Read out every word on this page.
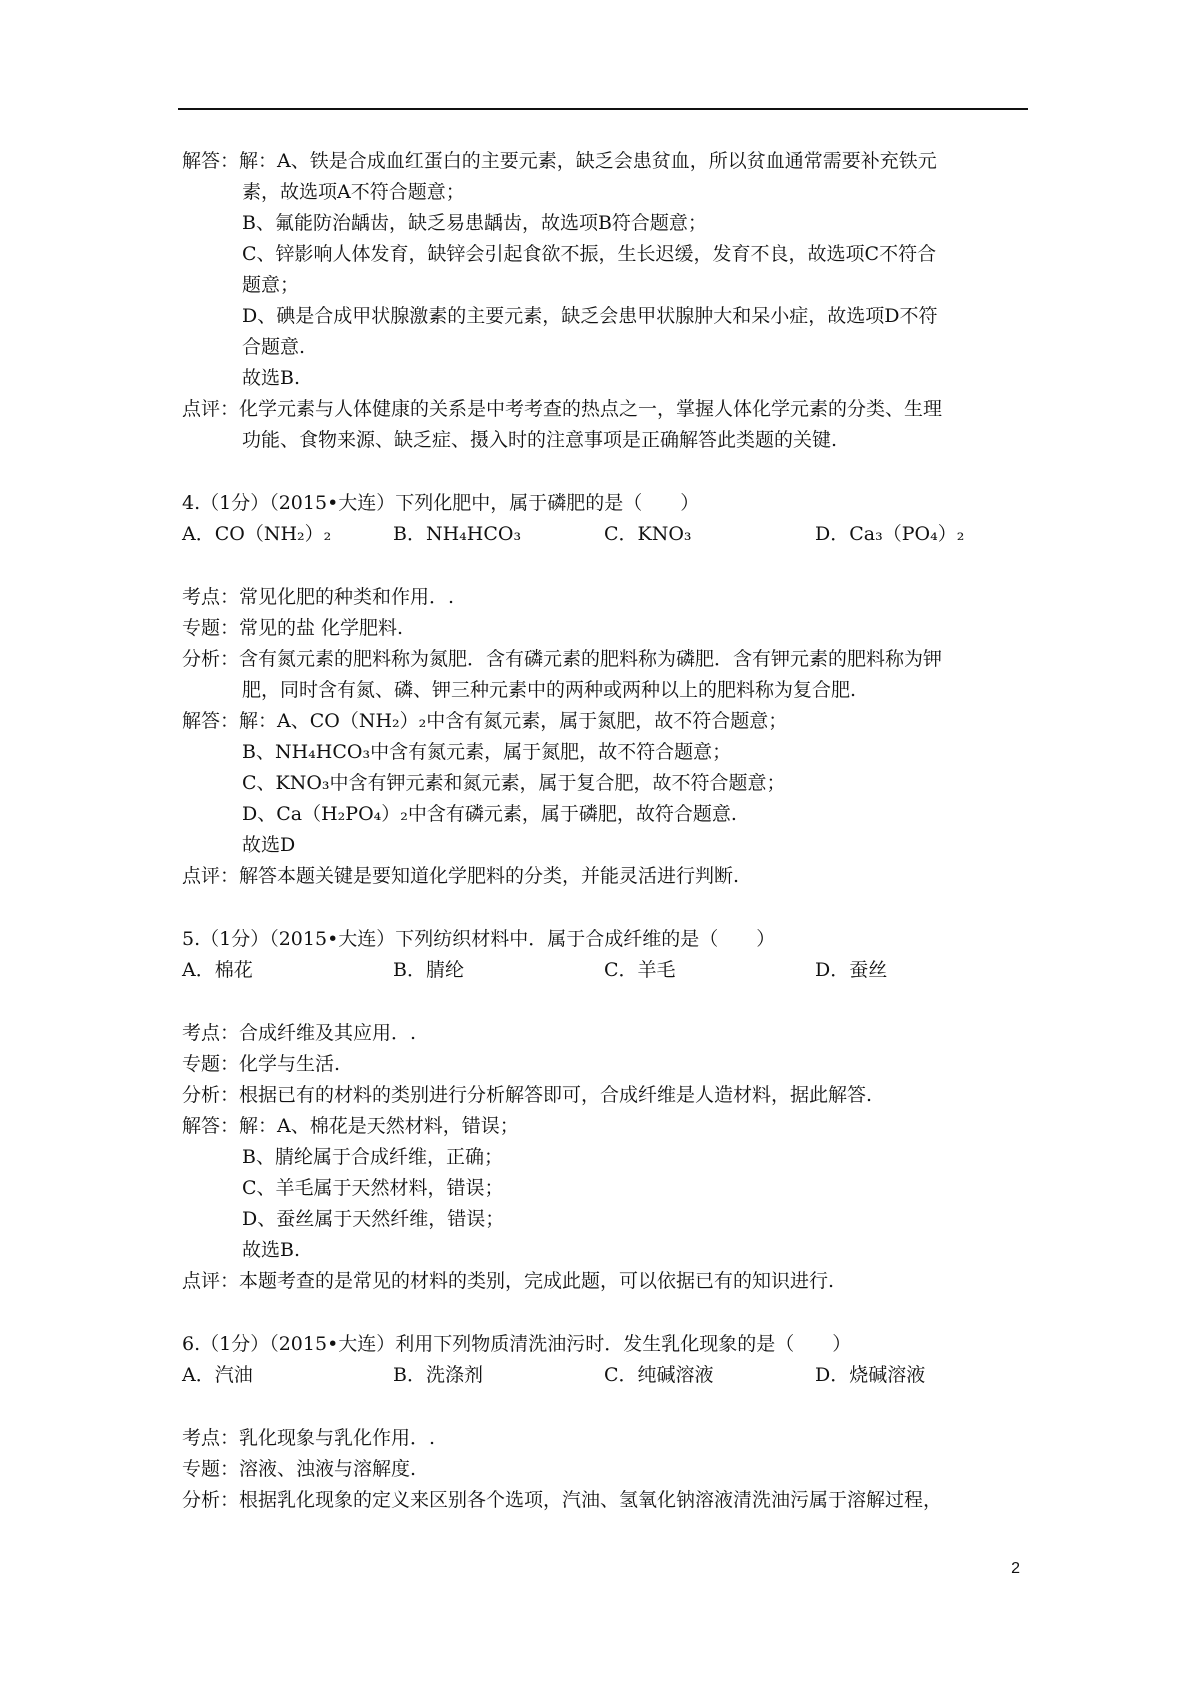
解答：解：A、铁是合成血红蛋白的主要元素，缺乏会患贫血，所以贫血通常需要补充铁元
素，故选项A不符合题意；
B、氟能防治龋齿，缺乏易患龋齿，故选项B符合题意；
C、锌影响人体发育，缺锌会引起食欲不振，生长迟缓，发育不良，故选项C不符合
题意；
D、碘是合成甲状腺激素的主要元素，缺乏会患甲状腺肿大和呆小症，故选项D不符
合题意.
故选B.
点评：化学元素与人体健康的关系是中考考查的热点之一，掌握人体化学元素的分类、生理
功能、食物来源、缺乏症、摄入时的注意事项是正确解答此类题的关键.
4.（1分）（2015•大连）下列化肥中，属于磷肥的是（　　）
A．CO（NH₂）₂	B．NH₄HCO₃	C．KNO₃	D．Ca₃（PO₄）₂
考点：常见化肥的种类和作用．.
专题：常见的盐 化学肥料.
分析：含有氮元素的肥料称为氮肥．含有磷元素的肥料称为磷肥．含有钾元素的肥料称为钾
肥，同时含有氮、磷、钾三种元素中的两种或两种以上的肥料称为复合肥.
解答：解：A、CO（NH₂）₂中含有氮元素，属于氮肥，故不符合题意；
B、NH₄HCO₃中含有氮元素，属于氮肥，故不符合题意；
C、KNO₃中含有钾元素和氮元素，属于复合肥，故不符合题意；
D、Ca（H₂PO₄）₂中含有磷元素，属于磷肥，故符合题意.
故选D
点评：解答本题关键是要知道化学肥料的分类，并能灵活进行判断.
5.（1分）（2015•大连）下列纺织材料中．属于合成纤维的是（　　）
A．棉花	B．腈纶	C．羊毛	D．蚕丝
考点：合成纤维及其应用．.
专题：化学与生活.
分析：根据已有的材料的类别进行分析解答即可，合成纤维是人造材料，据此解答.
解答：解：A、棉花是天然材料，错误；
B、腈纶属于合成纤维，正确；
C、羊毛属于天然材料，错误；
D、蚕丝属于天然纤维，错误；
故选B.
点评：本题考查的是常见的材料的类别，完成此题，可以依据已有的知识进行.
6.（1分）（2015•大连）利用下列物质清洗油污时．发生乳化现象的是（　　）
A．汽油	B．洗涤剂	C．纯碱溶液	D．烧碱溶液
考点：乳化现象与乳化作用．.
专题：溶液、浊液与溶解度.
分析：根据乳化现象的定义来区别各个选项，汽油、氢氧化钠溶液清洗油污属于溶解过程，
2
